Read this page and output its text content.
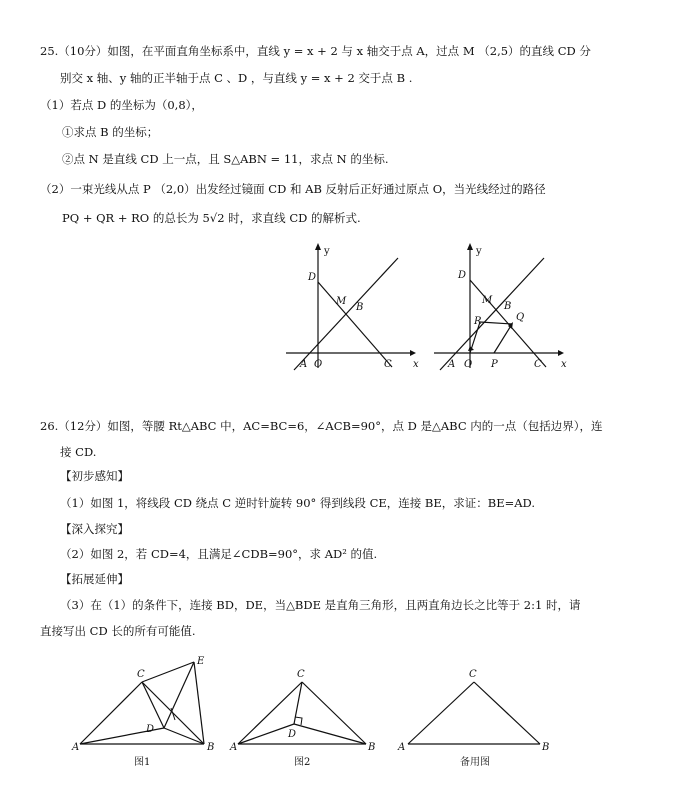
25.（10分）如图，在平面直角坐标系中，直线 y = x + 2 与 x 轴交于点 A，过点 M （2,5）的直线 CD 分
别交 x 轴、y 轴的正半轴于点 C 、D ，与直线 y = x + 2 交于点 B .
（1）若点 D 的坐标为（0,8），
①求点 B 的坐标；
②点 N 是直线 CD 上一点，且 S△ABN = 11，求点 N 的坐标.
（2）一束光线从点 P （2,0）出发经过镜面 CD 和 AB 反射后正好通过原点 O，当光线经过的路径
PQ + QR + RO 的总长为 5√2 时，求直线 CD 的解析式.
y
x
D
M
B
A O	C
y
x
D
M
B
R	Q
A O P	C
26.（12分）如图，等腰 Rt△ABC 中，AC=BC=6，∠ACB=90°，点 D 是△ABC 内的一点（包括边界），连
接 CD.
【初步感知】
（1）如图 1，将线段 CD 绕点 C 逆时针旋转 90° 得到线段 CE，连接 BE，求证：BE=AD.
【深入探究】
（2）如图 2，若 CD=4，且满足∠CDB=90°，求 AD² 的值.
【拓展延伸】
（3）在（1）的条件下，连接 BD，DE，当△BDE 是直角三角形，且两直角边长之比等于 2:1 时，请
直接写出 CD 长的所有可能值.
A	B
C
D
E
图1
A	B
C
D
图2
A	B
C
备用图
